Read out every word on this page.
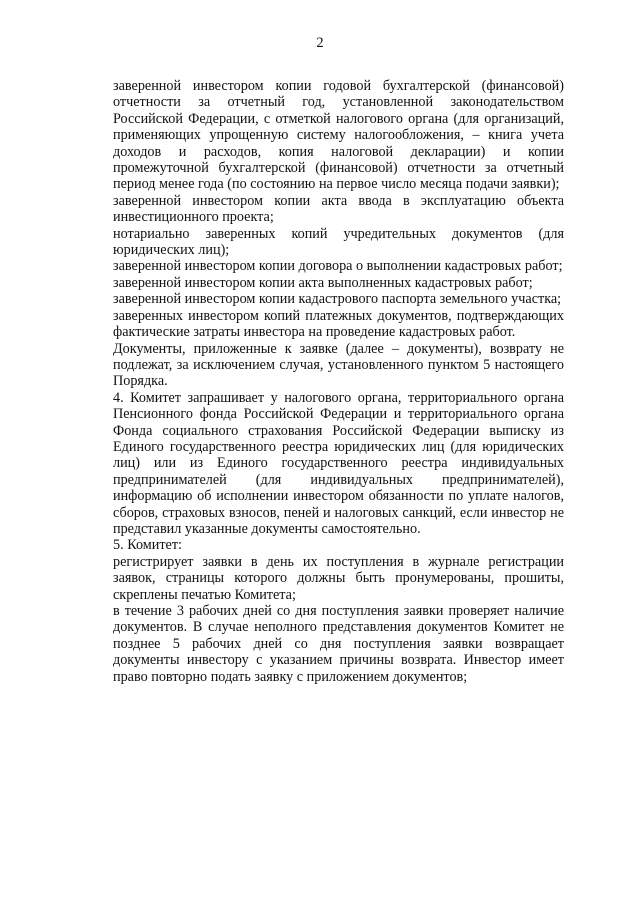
2

заверенной инвестором копии годовой бухгалтерской (финансовой) отчетности за отчетный год, установленной законодательством Российской Федерации, с отметкой налогового органа (для организаций, применяющих упрощенную систему налогообложения, – книга учета доходов и расходов, копия налоговой декларации) и копии промежуточной бухгалтерской (финансовой) отчетности за отчетный период менее года (по состоянию на первое число месяца подачи заявки);

заверенной инвестором копии акта ввода в эксплуатацию объекта инвестиционного проекта;

нотариально заверенных копий учредительных документов (для юридических лиц);

заверенной инвестором копии договора о выполнении кадастровых работ;

заверенной инвестором копии акта выполненных кадастровых работ;

заверенной инвестором копии кадастрового паспорта земельного участка;

заверенных инвестором копий платежных документов, подтверждающих фактические затраты инвестора на проведение кадастровых работ.

Документы, приложенные к заявке (далее – документы), возврату не подлежат, за исключением случая, установленного пунктом 5 настоящего Порядка.

4. Комитет запрашивает у налогового органа, территориального органа Пенсионного фонда Российской Федерации и территориального органа Фонда социального страхования Российской Федерации выписку из Единого государственного реестра юридических лиц (для юридических лиц) или из Единого государственного реестра индивидуальных предпринимателей (для индивидуальных предпринимателей), информацию об исполнении инвестором обязанности по уплате налогов, сборов, страховых взносов, пеней и налоговых санкций, если инвестор не представил указанные документы самостоятельно.

5. Комитет:

регистрирует заявки в день их поступления в журнале регистрации заявок, страницы которого должны быть пронумерованы, прошиты, скреплены печатью Комитета;

в течение 3 рабочих дней со дня поступления заявки проверяет наличие документов. В случае неполного представления документов Комитет не позднее 5 рабочих дней со дня поступления заявки возвращает документы инвестору с указанием причины возврата. Инвестор имеет право повторно подать заявку с приложением документов;
